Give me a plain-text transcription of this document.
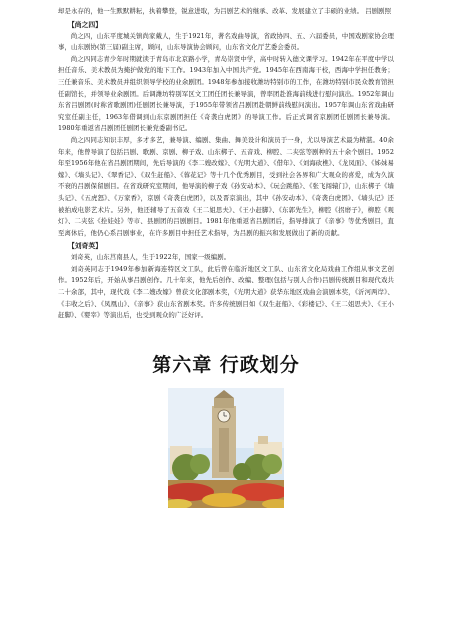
却是永存的，他一生默默耕耘，执着攀登，锐意进取，为吕剧艺术的继承、改革、发展建立了丰硕的业绩。 吕剧剧照

【尚之四】

尚之四，山东平度城关镇尚家戴人，生于1921年，著名戏曲导演，省政协四、五、六届委员，中国戏剧家协会理事，山东剧协(第三届)副主席，顾问，山东导演协会顾问，山东省文化厅艺委会委员。

尚之四同志青少年时期就读于青岛市北京路小学，青岛崇贤中学，高中时转入德文课学习。1942年在平度中学以担任音乐、美术教员为掩护做党的地下工作。1943年加入中国共产党。1945年在西南海干校，西海中学担任教务；三任兼音乐、美术教员并组织领导学校的业余剧团。1948年参加接收潍坊特别市的工作，在潍坊特别市民众教育馆担任副馆长，并领导业余剧团。后调潍坊特别军区文工团任团长兼导演，曾率团赴淮海前线进行慰问演出。1952年调山东省吕剧团(时称省歌剧团)任剧团长兼导演，于1955年带领省吕剧团赴朝鲜前线慰问演出。1957年调山东省戏曲研究室任副主任，1963年借调到山东京剧团担任《奇袭白虎团》的导演工作。后正式调省京剧团任剧团长兼导演。1980年重返省吕剧团任剧团长兼党委副书记。

尚之四同志知识丰厚，多才多艺，兼导演、编剧、集曲、舞美设计和演员于一身，尤以导演艺术最为精湛。40余年来，他曾导演了包括吕剧、歌剧、京剧、柳子戏、山东梆子、五音戏、柳腔、二夹弦等剧种的五十余个剧目。1952年至1956年他在省吕剧团期间，先后导演的《李二嫂改嫁》、《光明大道》、《借年》、《刘海砍樵》、《龙凤面》、《姊妹易嫁》、《墙头记》、《翠香记》、《双生赶船》、《蓉花记》等十几个优秀剧目，受到社会各界和广大观众的喜爱，成为久演不衰的吕剧保留剧目。在省戏研究室期间，他导演的柳子戏《孙安动本》、《玩会跳船》、《张飞闯辕门》，山东梆子《墙头记》、《五虎怒》、《万家香》，京剧《奇袭白虎团》，以及晋京演出，其中《孙安动本》、《奇袭白虎团》、《墙头记》还被拍成电影艺术片。另外，他还辅导了五音戏《王二姐思夫》、《王小赶脚》、《东郭先生》，柳腔《拐磨子》，柳腔《观灯》、二夹弦《拴娃娃》等市、县剧团的吕剧剧目。1981年他重返省吕剧团后，指导排演了《亲事》等优秀剧目，直至离休后，他仍心系吕剧事业，在许多剧目中担任艺术指导，为吕剧的振兴和发展做出了新的贡献。

【刘奇英】

刘奇英，山东莒南县人，生于1922年，国家一级编剧。

刘奇英同志于1949年参加新海连特区文工队，此后曾在临沂地区文工队、山东省文化局戏曲工作组从事文艺创作。1952年后，开始从事吕剧创作。几十年来，他先后创作、改编、整理(包括与别人合作)吕剧传统剧目和现代戏共二十余部，其中，现代戏《李二嫂改嫁》曾获文化部剧本奖，《光明大道》获华东地区戏曲会演剧本奖，《沂河两岸》、《丰收之后》、《凤凰山》、《亲事》获山东省剧本奖。许多传统剧目如《双生赶船》、《彩楼记》、《王二姐思夫》、《王小赶脚》、《婴宰》等演出后，也受到观众的广泛好评。

第六章 行政划分
